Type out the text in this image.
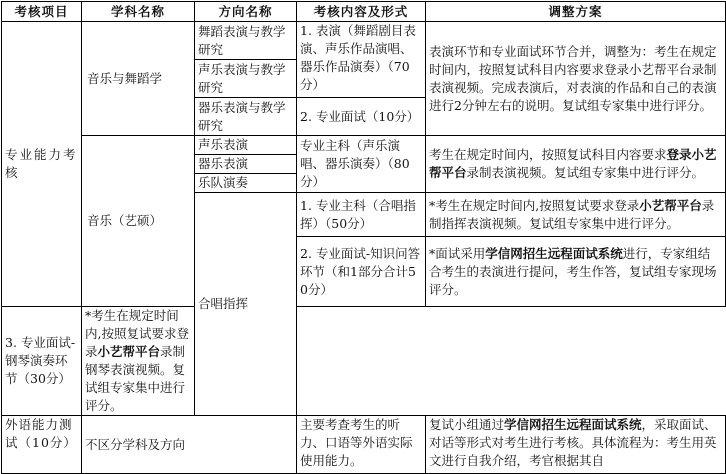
考核项目	学科名称	方向名称	考核内容及形式	调整方案
专业能力考核	音乐与舞蹈学	舞蹈表演与教学研究	1. 表演（舞蹈剧目表演、声乐作品演唱、器乐作品演奏）（70分）	表演环节和专业面试环节合并，调整为：考生在规定时间内，按照复试科目内容要求登录小艺帮平台录制表演视频。完成表演后，对表演的作品和自己的表演进行2分钟左右的说明。复试组专家集中进行评分。
		声乐表演与教学研究		
		器乐表演与教学研究	2. 专业面试（10分）	
	音乐（艺硕）	声乐表演	专业主科（声乐演唱、器乐演奏）（80分）	考生在规定时间内，按照复试科目内容要求登录小艺帮平台录制表演视频。复试组专家集中进行评分。
		器乐表演		
		乐队演奏		
		合唱指挥	1. 专业主科（合唱指挥）（50分）	*考生在规定时间内,按照复试要求登录小艺帮平台录制指挥表演视频。复试组专家集中进行评分。
			2. 专业面试-知识问答环节（和1部分合计50分）	*面试采用学信网招生远程面试系统进行，专家组结合考生的表演进行提问，考生作答，复试组专家现场评分。
3. 专业面试-钢琴演奏环节（30分）	*考生在规定时间内,按照复试要求登录小艺帮平台录制钢琴表演视频。复试组专家集中进行评分。			
外语能力测试（10分）	不区分学科及方向		主要考查考生的听力、口语等外语实际使用能力。	复试小组通过学信网招生远程面试系统，采取面试、对话等形式对考生进行考核。具体流程为：考生用英文进行自我介绍，考官根据其自
